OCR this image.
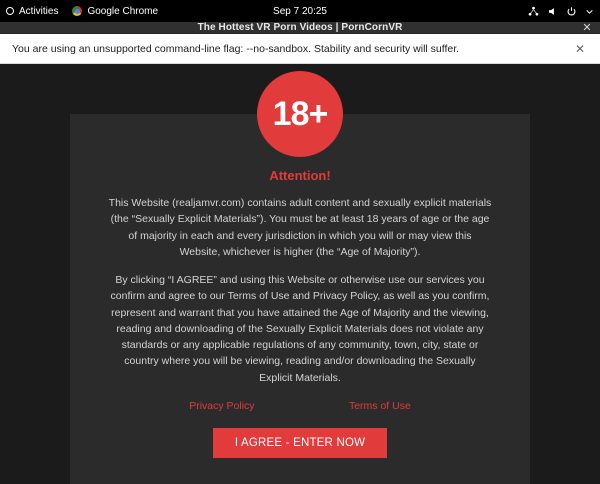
Activities	Google Chrome	Sep 7 20:25
The Hottest VR Porn Videos | PornCornVR	✕
You are using an unsupported command-line flag: --no-sandbox. Stability and security will suffer.	✕
18+
Attention!

This Website (realjamvr.com) contains adult content and sexually explicit materials (the “Sexually Explicit Materials”). You must be at least 18 years of age or the age of majority in each and every jurisdiction in which you will or may view this Website, whichever is higher (the “Age of Majority”).

By clicking “I AGREE” and using this Website or otherwise use our services you confirm and agree to our Terms of Use and Privacy Policy, as well as you confirm, represent and warrant that you have attained the Age of Majority and the viewing, reading and downloading of the Sexually Explicit Materials does not violate any standards or any applicable regulations of any community, town, city, state or country where you will be viewing, reading and/or downloading the Sexually Explicit Materials.

Privacy Policy	Terms of Use
I AGREE - ENTER NOW
